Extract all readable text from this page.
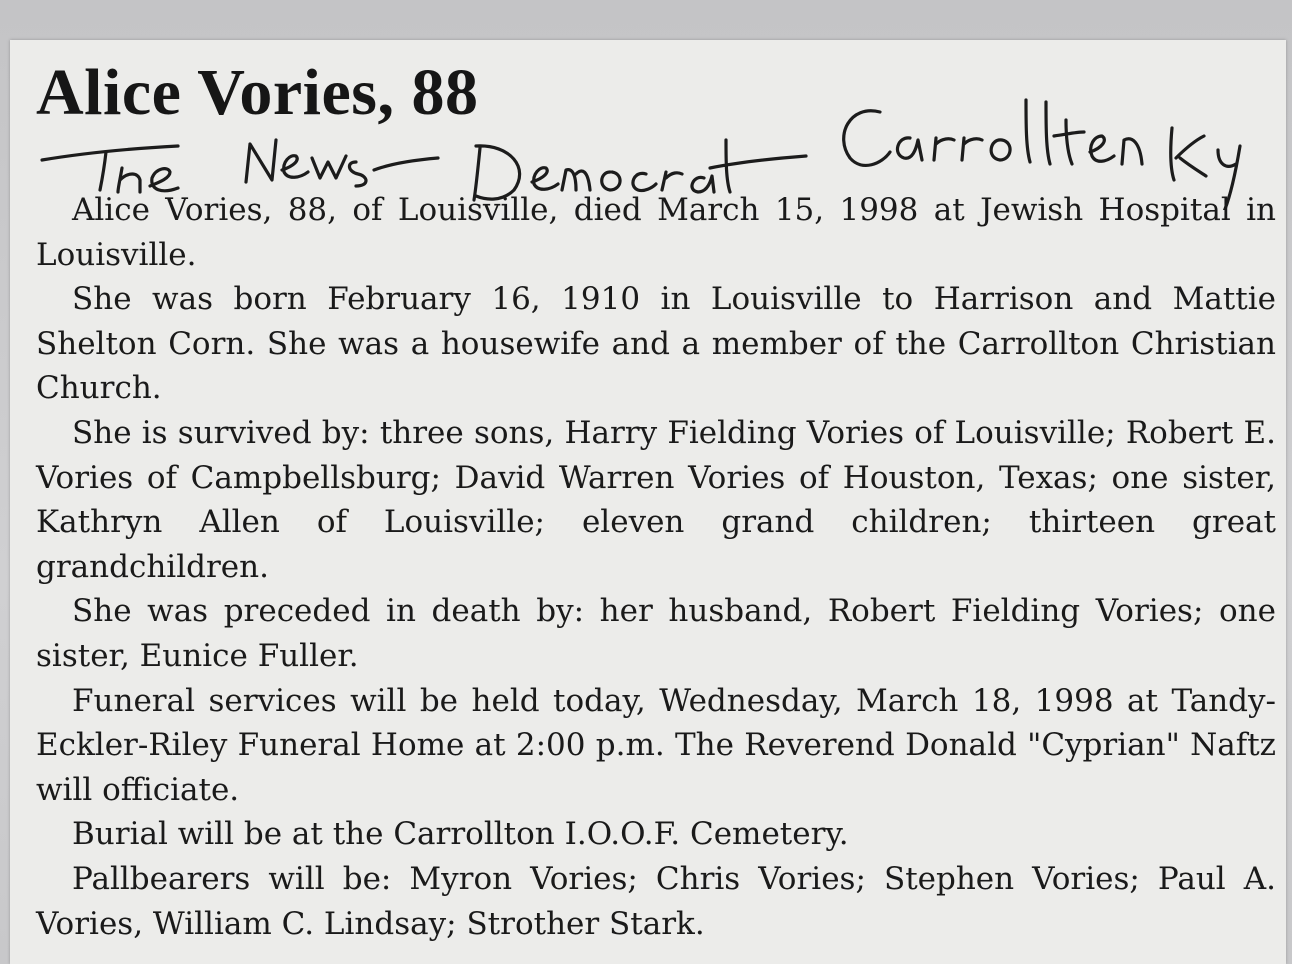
Alice Vories, 88

Alice Vories, 88, of Louisville, died March 15, 1998 at Jewish Hospital in Louisville.

She was born February 16, 1910 in Louisville to Harrison and Mattie Shelton Corn. She was a housewife and a member of the Carrollton Christian Church.

She is survived by: three sons, Harry Fielding Vories of Louisville; Robert E. Vories of Campbellsburg; David Warren Vories of Houston, Texas; one sister, Kathryn Allen of Louisville; eleven grand children; thirteen great grandchildren.

She was preceded in death by: her husband, Robert Fielding Vories; one sister, Eunice Fuller.

Funeral services will be held today, Wednesday, March 18, 1998 at Tandy-Eckler-Riley Funeral Home at 2:00 p.m. The Reverend Donald "Cyprian" Naftz will officiate.

Burial will be at the Carrollton I.O.O.F. Cemetery.

Pallbearers will be: Myron Vories; Chris Vories; Stephen Vories; Paul A. Vories, William C. Lindsay; Strother Stark.
